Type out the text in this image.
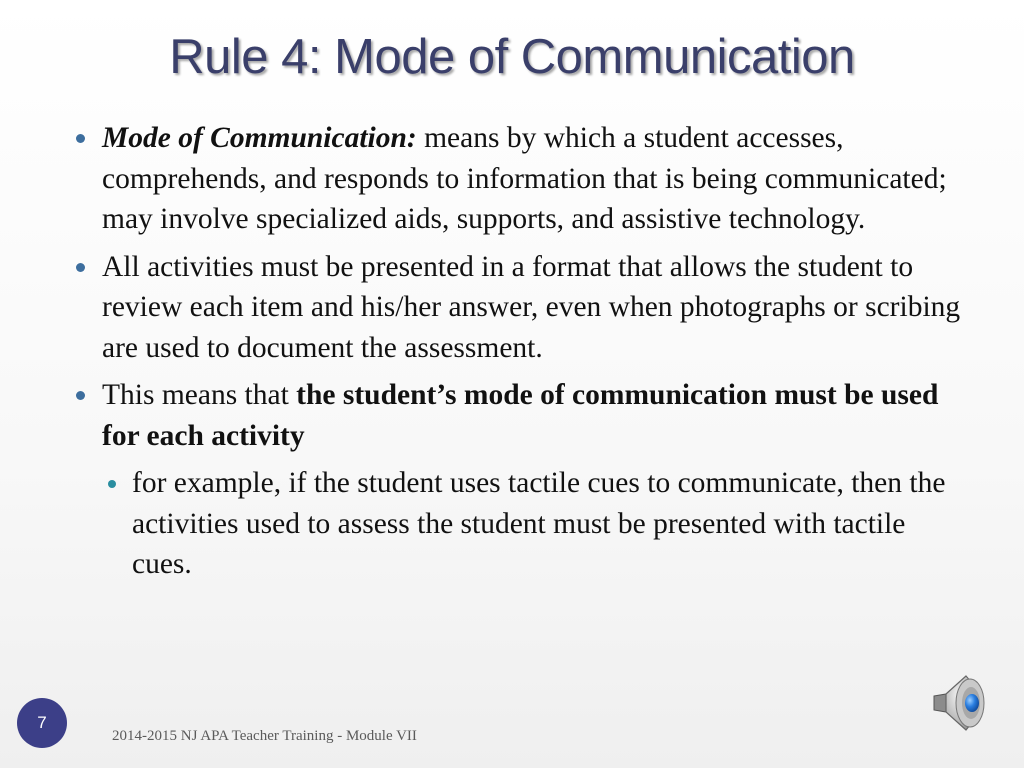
Rule 4: Mode of Communication
Mode of Communication: means by which a student accesses, comprehends, and responds to information that is being communicated; may involve specialized aids, supports, and assistive technology.
All activities must be presented in a format that allows the student to review each item and his/her answer, even when photographs or scribing are used to document the assessment.
This means that the student’s mode of communication must be used for each activity
for example, if the student uses tactile cues to communicate, then the activities used to assess the student must be presented with tactile cues.
7
2014-2015 NJ APA Teacher Training - Module VII
